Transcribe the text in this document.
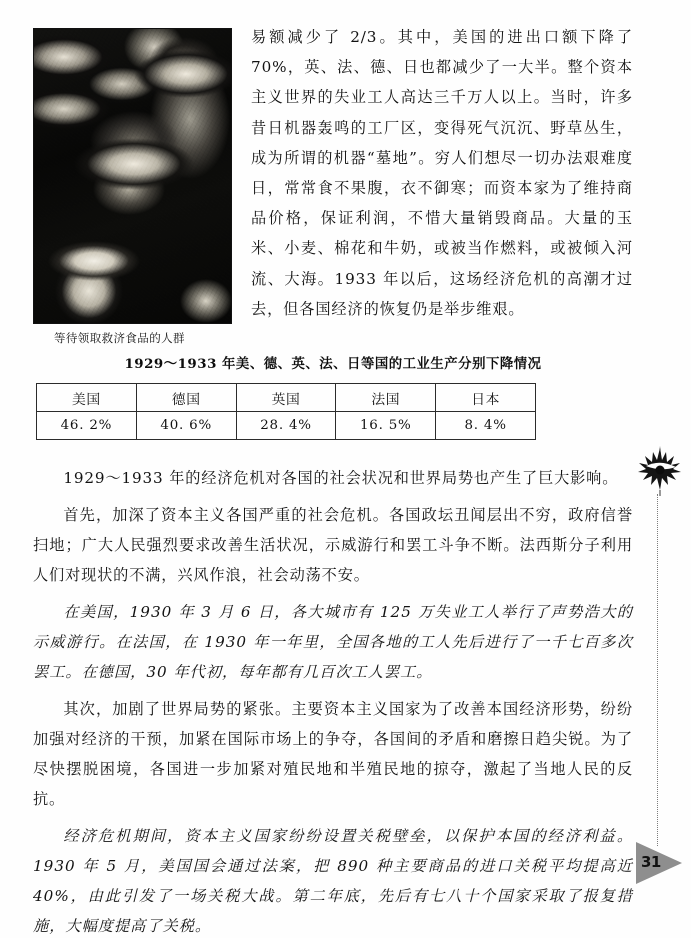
等待领取救济食品的人群
易额减少了 2/3。其中，美国的进出口额下降了 70%，英、法、德、日也都减少了一大半。整个资本主义世界的失业工人高达三千万人以上。当时，许多昔日机器轰鸣的工厂区，变得死气沉沉、野草丛生，成为所谓的机器“墓地”。穷人们想尽一切办法艰难度日，常常食不果腹，衣不御寒；而资本家为了维持商品价格，保证利润，不惜大量销毁商品。大量的玉米、小麦、棉花和牛奶，或被当作燃料，或被倾入河流、大海。1933 年以后，这场经济危机的高潮才过去，但各国经济的恢复仍是举步维艰。
1929～1933 年美、德、英、法、日等国的工业生产分别下降情况
美国	德国	英国	法国	日本
46. 2%	40. 6%	28. 4%	16. 5%	8. 4%

1929～1933 年的经济危机对各国的社会状况和世界局势也产生了巨大影响。

首先，加深了资本主义各国严重的社会危机。各国政坛丑闻层出不穷，政府信誉扫地；广大人民强烈要求改善生活状况，示威游行和罢工斗争不断。法西斯分子利用人们对现状的不满，兴风作浪，社会动荡不安。

在美国，1930 年 3 月 6 日，各大城市有 125 万失业工人举行了声势浩大的示威游行。在法国，在 1930 年一年里，全国各地的工人先后进行了一千七百多次罢工。在德国，30 年代初，每年都有几百次工人罢工。

其次，加剧了世界局势的紧张。主要资本主义国家为了改善本国经济形势，纷纷加强对经济的干预，加紧在国际市场上的争夺，各国间的矛盾和磨擦日趋尖锐。为了尽快摆脱困境，各国进一步加紧对殖民地和半殖民地的掠夺，激起了当地人民的反抗。

经济危机期间，资本主义国家纷纷设置关税壁垒，以保护本国的经济利益。1930 年 5 月，美国国会通过法案，把 890 种主要商品的进口关税平均提高近 40%，由此引发了一场关税大战。第二年底，先后有七八十个国家采取了报复措施，大幅度提高了关税。

31
